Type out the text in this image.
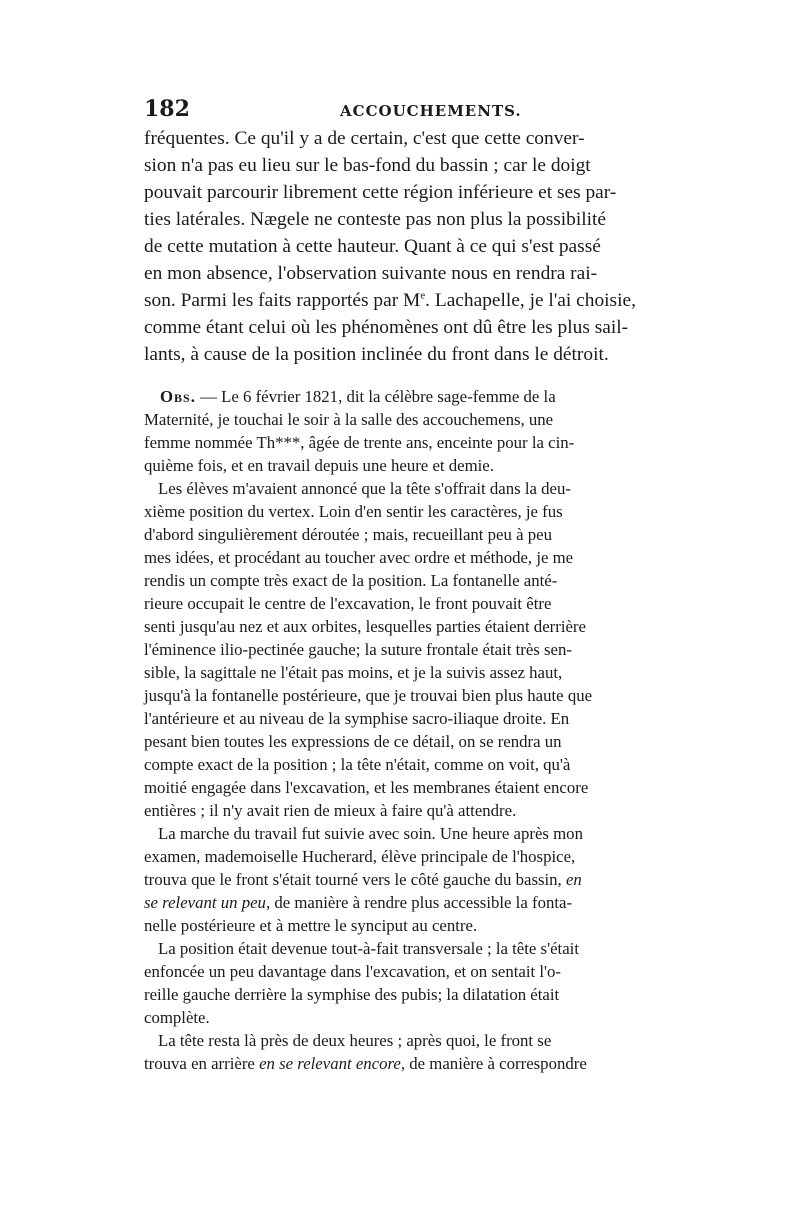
182	ACCOUCHEMENTS.
fréquentes. Ce qu'il y a de certain, c'est que cette conver-
sion n'a pas eu lieu sur le bas-fond du bassin ; car le doigt
pouvait parcourir librement cette région inférieure et ses par-
ties latérales. Nægele ne conteste pas non plus la possibilité
de cette mutation à cette hauteur. Quant à ce qui s'est passé
en mon absence, l'observation suivante nous en rendra rai-
son. Parmi les faits rapportés par Me. Lachapelle, je l'ai choisie,
comme étant celui où les phénomènes ont dû être les plus sail-
lants, à cause de la position inclinée du front dans le détroit.
Obs. — Le 6 février 1821, dit la célèbre sage-femme de la
Maternité, je touchai le soir à la salle des accouchemens, une
femme nommée Th***, âgée de trente ans, enceinte pour la cin-
quième fois, et en travail depuis une heure et demie.
Les élèves m'avaient annoncé que la tête s'offrait dans la deu-
xième position du vertex. Loin d'en sentir les caractères, je fus
d'abord singulièrement déroutée ; mais, recueillant peu à peu
mes idées, et procédant au toucher avec ordre et méthode, je me
rendis un compte très exact de la position. La fontanelle anté-
rieure occupait le centre de l'excavation, le front pouvait être
senti jusqu'au nez et aux orbites, lesquelles parties étaient derrière
l'éminence ilio-pectinée gauche; la suture frontale était très sen-
sible, la sagittale ne l'était pas moins, et je la suivis assez haut,
jusqu'à la fontanelle postérieure, que je trouvai bien plus haute que
l'antérieure et au niveau de la symphise sacro-iliaque droite. En
pesant bien toutes les expressions de ce détail, on se rendra un
compte exact de la position ; la tête n'était, comme on voit, qu'à
moitié engagée dans l'excavation, et les membranes étaient encore
entières ; il n'y avait rien de mieux à faire qu'à attendre.
La marche du travail fut suivie avec soin. Une heure après mon
examen, mademoiselle Hucherard, élève principale de l'hospice,
trouva que le front s'était tourné vers le côté gauche du bassin, en
se relevant un peu, de manière à rendre plus accessible la fonta-
nelle postérieure et à mettre le synciput au centre.
La position était devenue tout-à-fait transversale ; la tête s'était
enfoncée un peu davantage dans l'excavation, et on sentait l'o-
reille gauche derrière la symphise des pubis; la dilatation était
complète.
La tête resta là près de deux heures ; après quoi, le front se
trouva en arrière en se relevant encore, de manière à correspondre
